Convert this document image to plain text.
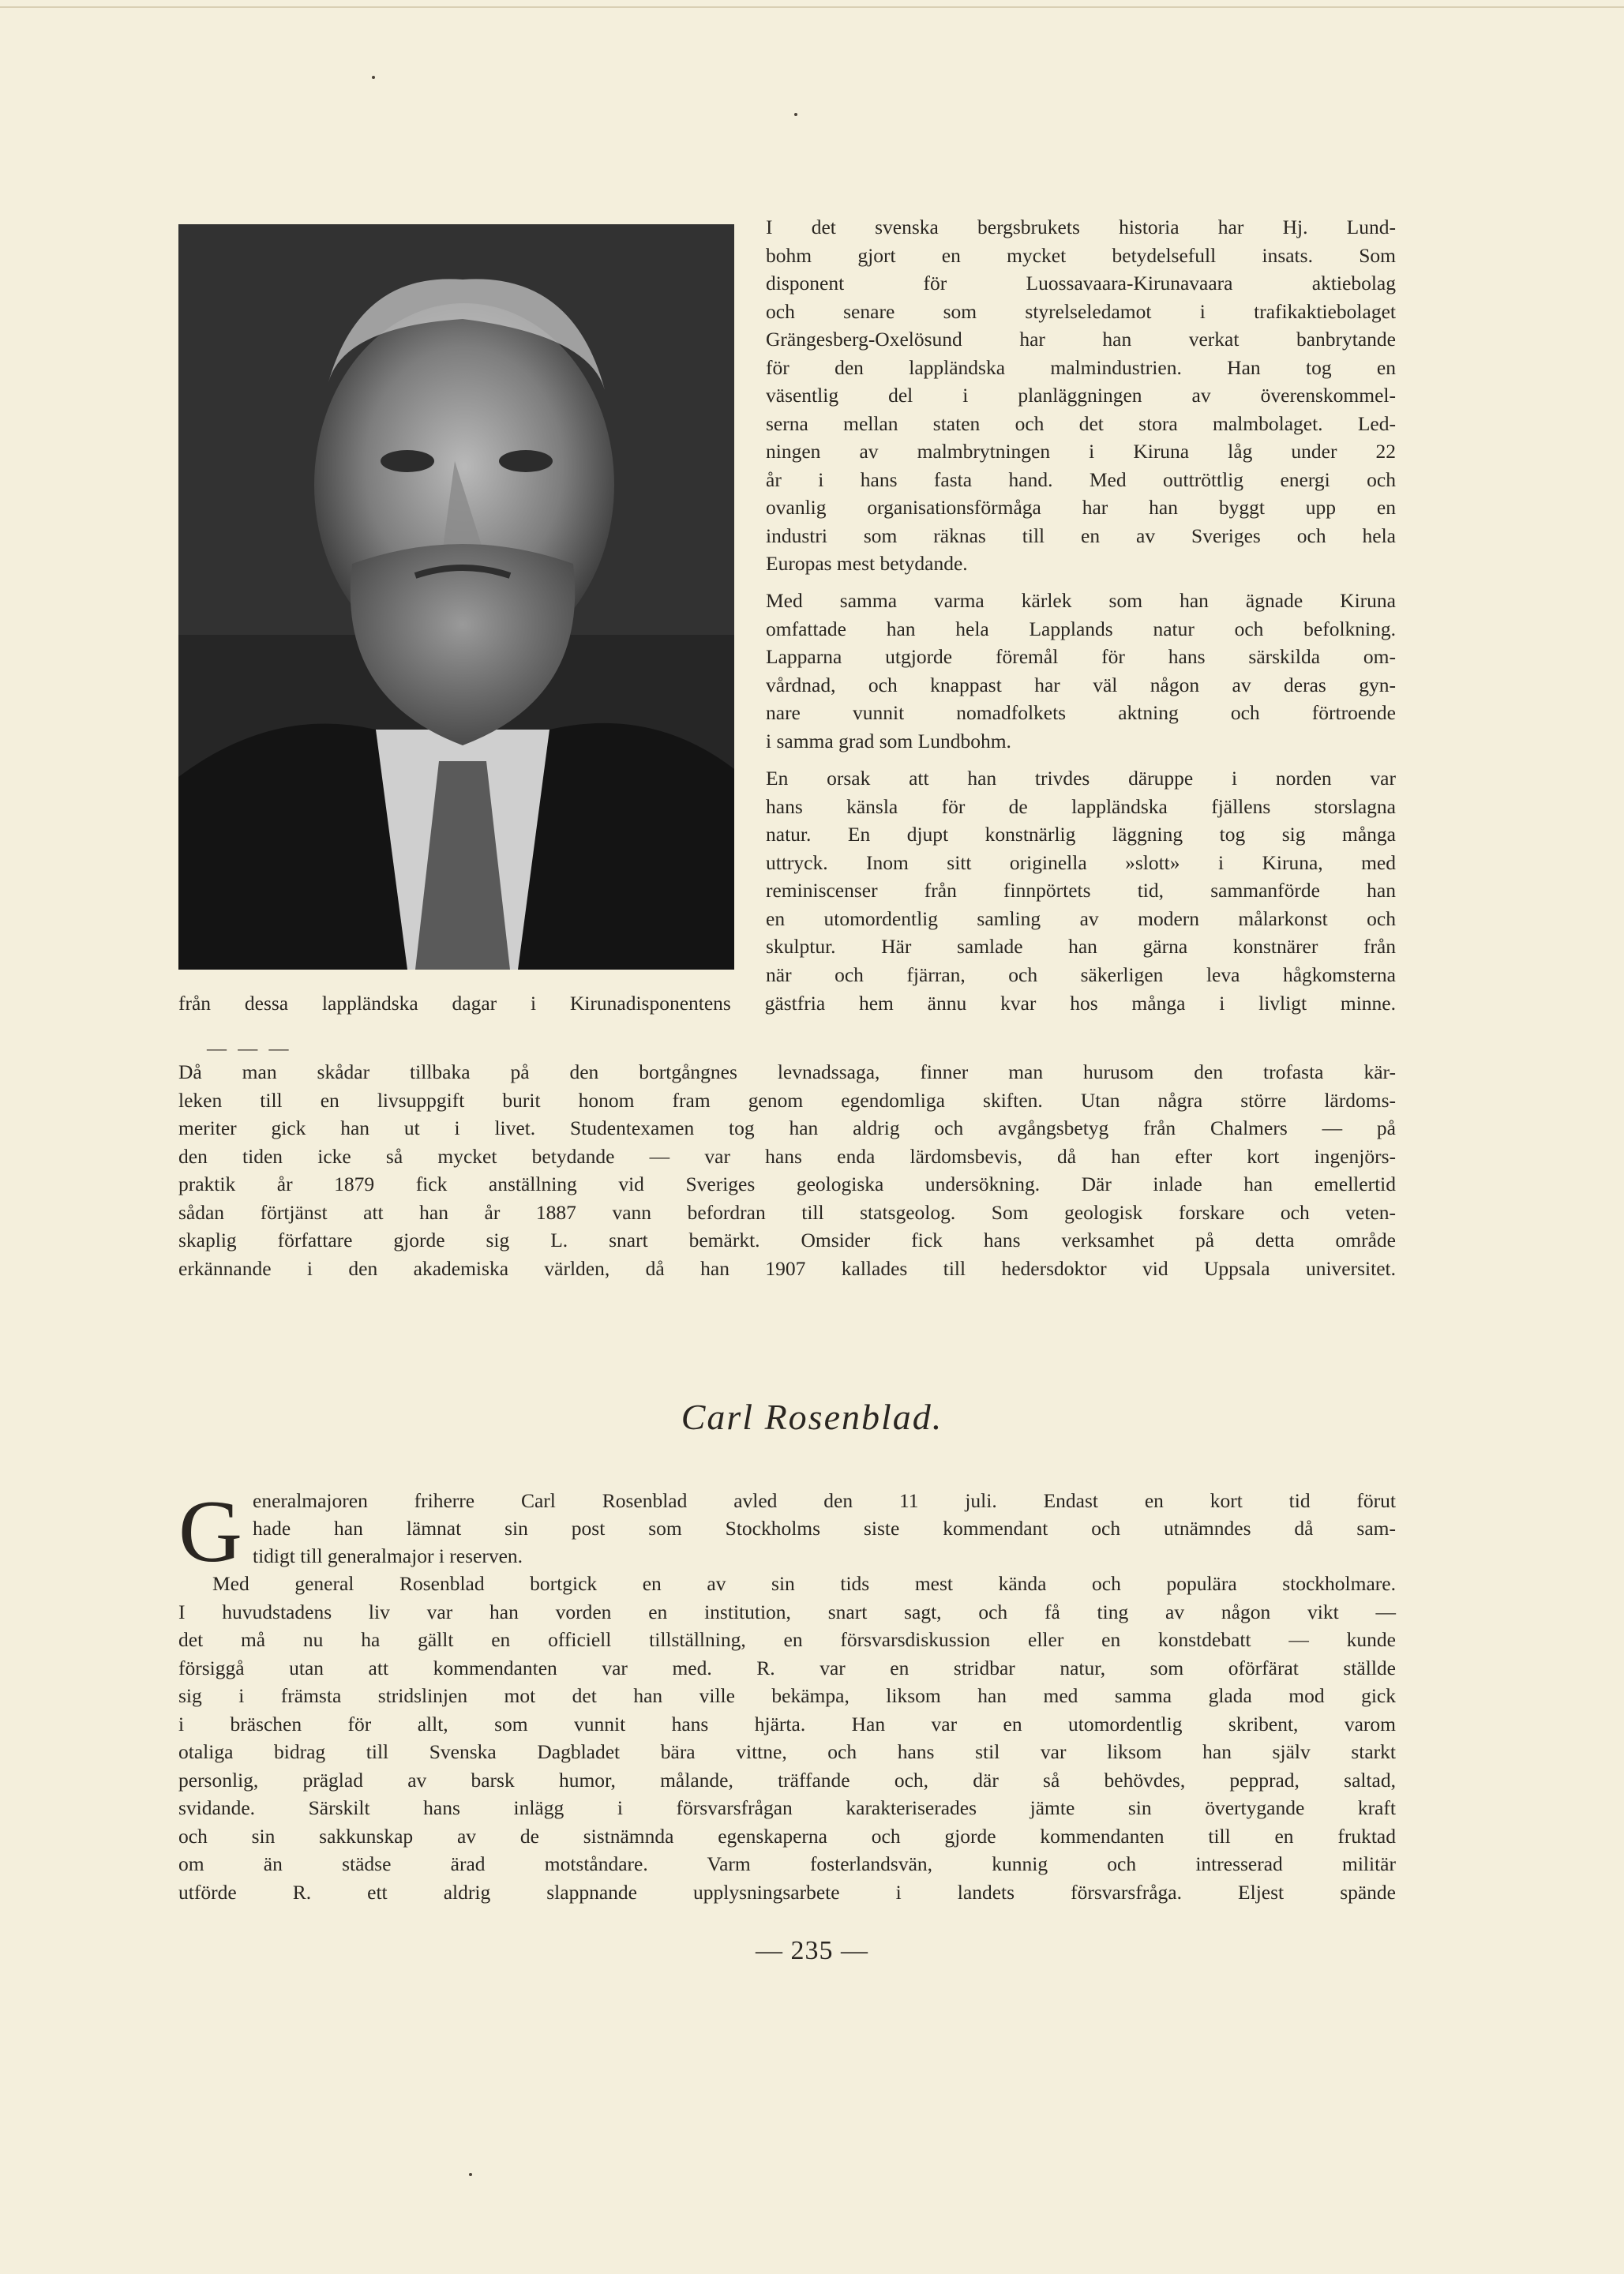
I det svenska bergsbrukets historia har Hj. Lund-
bohm gjort en mycket betydelsefull insats. Som
disponent för Luossavaara-Kirunavaara aktiebolag
och senare som styrelseledamot i trafikaktiebolaget
Grängesberg-Oxelösund har han verkat banbrytande
för den lappländska malmindustrien. Han tog en
väsentlig del i planläggningen av överenskommel-
serna mellan staten och det stora malmbolaget. Led-
ningen av malmbrytningen i Kiruna låg under 22
år i hans fasta hand. Med outtröttlig energi och
ovanlig organisationsförmåga har han byggt upp en
industri som räknas till en av Sveriges och hela
Europas mest betydande.
Med samma varma kärlek som han ägnade Kiruna
omfattade han hela Lapplands natur och befolkning.
Lapparna utgjorde föremål för hans särskilda om-
vårdnad, och knappast har väl någon av deras gyn-
nare vunnit nomadfolkets aktning och förtroende
i samma grad som Lundbohm.
En orsak att han trivdes däruppe i norden var
hans känsla för de lappländska fjällens storslagna
natur. En djupt konstnärlig läggning tog sig många
uttryck. Inom sitt originella »slott» i Kiruna, med
reminiscenser från finnpörtets tid, sammanförde han
en utomordentlig samling av modern målarkonst och
skulptur. Här samlade han gärna konstnärer från
när och fjärran, och säkerligen leva hågkomsterna
från dessa lappländska dagar i Kirunadisponentens gästfria hem ännu kvar hos många i livligt minne.
— — —
Då man skådar tillbaka på den bortgångnes levnadssaga, finner man hurusom den trofasta kär-
leken till en livsuppgift burit honom fram genom egendomliga skiften. Utan några större lärdoms-
meriter gick han ut i livet. Studentexamen tog han aldrig och avgångsbetyg från Chalmers — på
den tiden icke så mycket betydande — var hans enda lärdomsbevis, då han efter kort ingenjörs-
praktik år 1879 fick anställning vid Sveriges geologiska undersökning. Där inlade han emellertid
sådan förtjänst att han år 1887 vann befordran till statsgeolog. Som geologisk forskare och veten-
skaplig författare gjorde sig L. snart bemärkt. Omsider fick hans verksamhet på detta område
erkännande i den akademiska världen, då han 1907 kallades till hedersdoktor vid Uppsala universitet.
Carl Rosenblad.
G eneralmajoren friherre Carl Rosenblad avled den 11 juli. Endast en kort tid förut
hade han lämnat sin post som Stockholms siste kommendant och utnämndes då sam-
tidigt till generalmajor i reserven.
Med general Rosenblad bortgick en av sin tids mest kända och populära stockholmare.
I huvudstadens liv var han vorden en institution, snart sagt, och få ting av någon vikt —
det må nu ha gällt en officiell tillställning, en försvarsdiskussion eller en konstdebatt — kunde
försiggå utan att kommendanten var med. R. var en stridbar natur, som oförfärat ställde
sig i främsta stridslinjen mot det han ville bekämpa, liksom han med samma glada mod gick
i bräschen för allt, som vunnit hans hjärta. Han var en utomordentlig skribent, varom
otaliga bidrag till Svenska Dagbladet bära vittne, och hans stil var liksom han själv starkt
personlig, präglad av barsk humor, målande, träffande och, där så behövdes, pepprad, saltad,
svidande. Särskilt hans inlägg i försvarsfrågan karakteriserades jämte sin övertygande kraft
och sin sakkunskap av de sistnämnda egenskaperna och gjorde kommendanten till en fruktad
om än städse ärad motståndare. Varm fosterlandsvän, kunnig och intresserad militär
utförde R. ett aldrig slappnande upplysningsarbete i landets försvarsfråga. Eljest spände
— 235 —
